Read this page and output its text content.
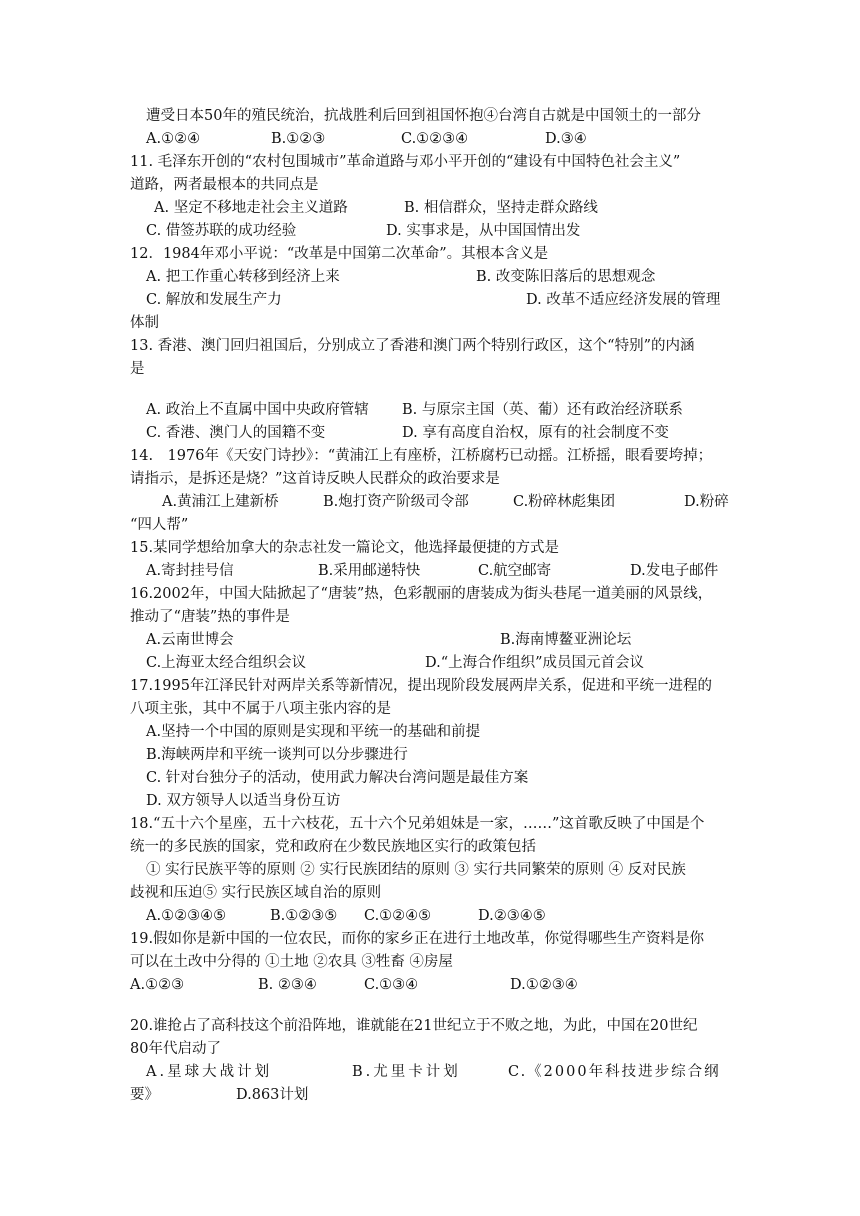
遭受日本50年的殖民统治，抗战胜利后回到祖国怀抱④台湾自古就是中国领土的一部分
A.①②④	B.①②③	C.①②③④	D.③④
11. 毛泽东开创的“农村包围城市”革命道路与邓小平开创的“建设有中国特色社会主义”
道路，两者最根本的共同点是
A. 坚定不移地走社会主义道路	B. 相信群众，坚持走群众路线
C. 借签苏联的成功经验	D. 实事求是，从中国国情出发
12．1984年邓小平说：“改革是中国第二次革命”。其根本含义是
A. 把工作重心转移到经济上来	B. 改变陈旧落后的思想观念
C. 解放和发展生产力	D. 改革不适应经济发展的管理
体制
13. 香港、澳门回归祖国后，分别成立了香港和澳门两个特别行政区，这个“特别”的内涵
是
A. 政治上不直属中国中央政府管辖 B. 与原宗主国（英、葡）还有政治经济联系
C. 香港、澳门人的国籍不变	D. 享有高度自治权，原有的社会制度不变
14.　1976年《天安门诗抄》：“黄浦江上有座桥，江桥腐朽已动摇。江桥摇，眼看要垮掉；
请指示，是拆还是烧？”这首诗反映人民群众的政治要求是
A.黄浦江上建新桥	B.炮打资产阶级司令部	C.粉碎林彪集团	D.粉碎
“四人帮”
15.某同学想给加拿大的杂志社发一篇论文，他选择最便捷的方式是
A.寄封挂号信	B.采用邮递特快	C.航空邮寄	D.发电子邮件
16.2002年，中国大陆掀起了“唐装”热，色彩靓丽的唐装成为街头巷尾一道美丽的风景线，
推动了“唐装”热的事件是
A.云南世博会	B.海南博鳌亚洲论坛
C.上海亚太经合组织会议	D.“上海合作组织”成员国元首会议
17.1995年江泽民针对两岸关系等新情况，提出现阶段发展两岸关系，促进和平统一进程的
八项主张，其中不属于八项主张内容的是
A.坚持一个中国的原则是实现和平统一的基础和前提
B.海峡两岸和平统一谈判可以分步骤进行
C. 针对台独分子的活动，使用武力解决台湾问题是最佳方案
D. 双方领导人以适当身份互访
18.“五十六个星座，五十六枝花，五十六个兄弟姐妹是一家，……”这首歌反映了中国是个
统一的多民族的国家，党和政府在少数民族地区实行的政策包括
① 实行民族平等的原则 ② 实行民族团结的原则 ③ 实行共同繁荣的原则 ④ 反对民族
歧视和压迫⑤ 实行民族区域自治的原则
A.①②③④⑤	B.①②③⑤ C.①②④⑤	D.②③④⑤
19.假如你是新中国的一位农民，而你的家乡正在进行土地改革，你觉得哪些生产资料是你
可以在土改中分得的 ①土地 ②农具 ③牲畜 ④房屋
A.①②③	B. ②③④	C.①③④	D.①②③④
20.谁抢占了高科技这个前沿阵地，谁就能在21世纪立于不败之地，为此，中国在20世纪
80年代启动了
A.星球大战计划	B.尤里卡计划	C.《2000年科技进步综合纲
要》	D.863计划
